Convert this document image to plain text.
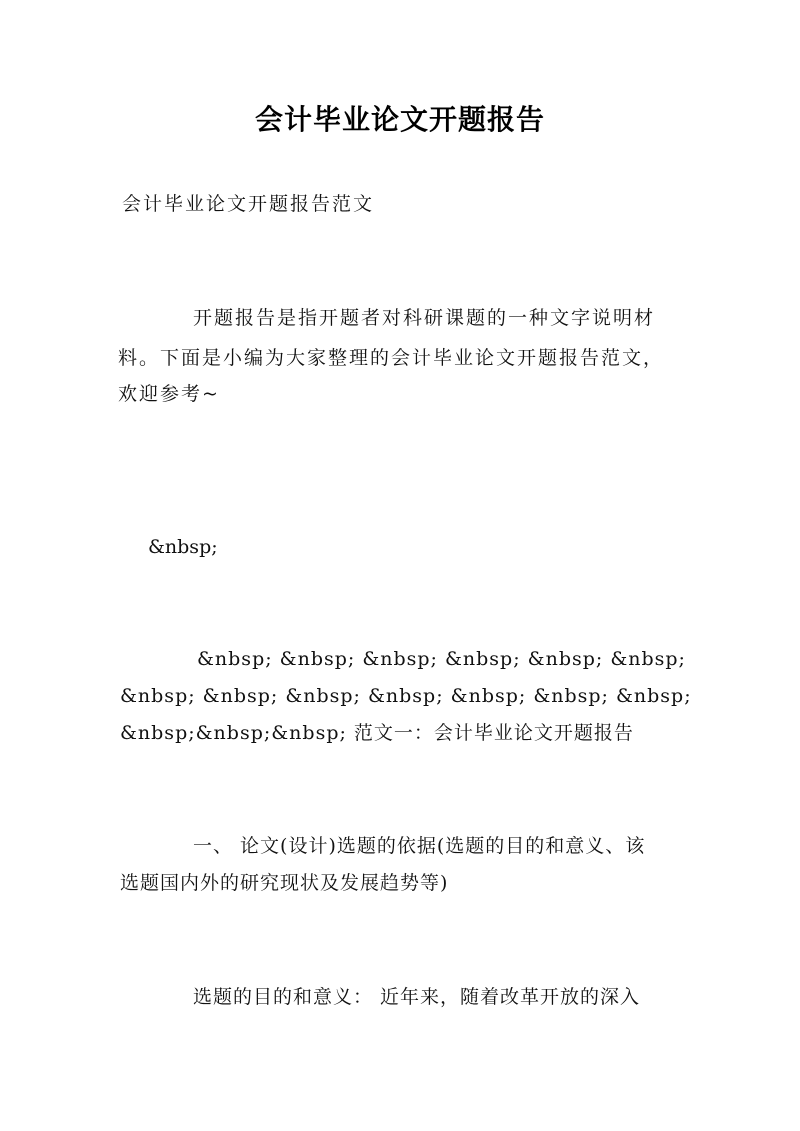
会计毕业论文开题报告
会计毕业论文开题报告范文
开题报告是指开题者对科研课题的一种文字说明材
料。下面是小编为大家整理的会计毕业论文开题报告范文，
欢迎参考~
&nbsp;
&nbsp; &nbsp; &nbsp; &nbsp; &nbsp; &nbsp;
&nbsp; &nbsp; &nbsp; &nbsp; &nbsp; &nbsp; &nbsp;
&nbsp;&nbsp;&nbsp; 范文一：会计毕业论文开题报告
一、 论文(设计)选题的依据(选题的目的和意义、该
选题国内外的研究现状及发展趋势等)
选题的目的和意义： 近年来，随着改革开放的深入
